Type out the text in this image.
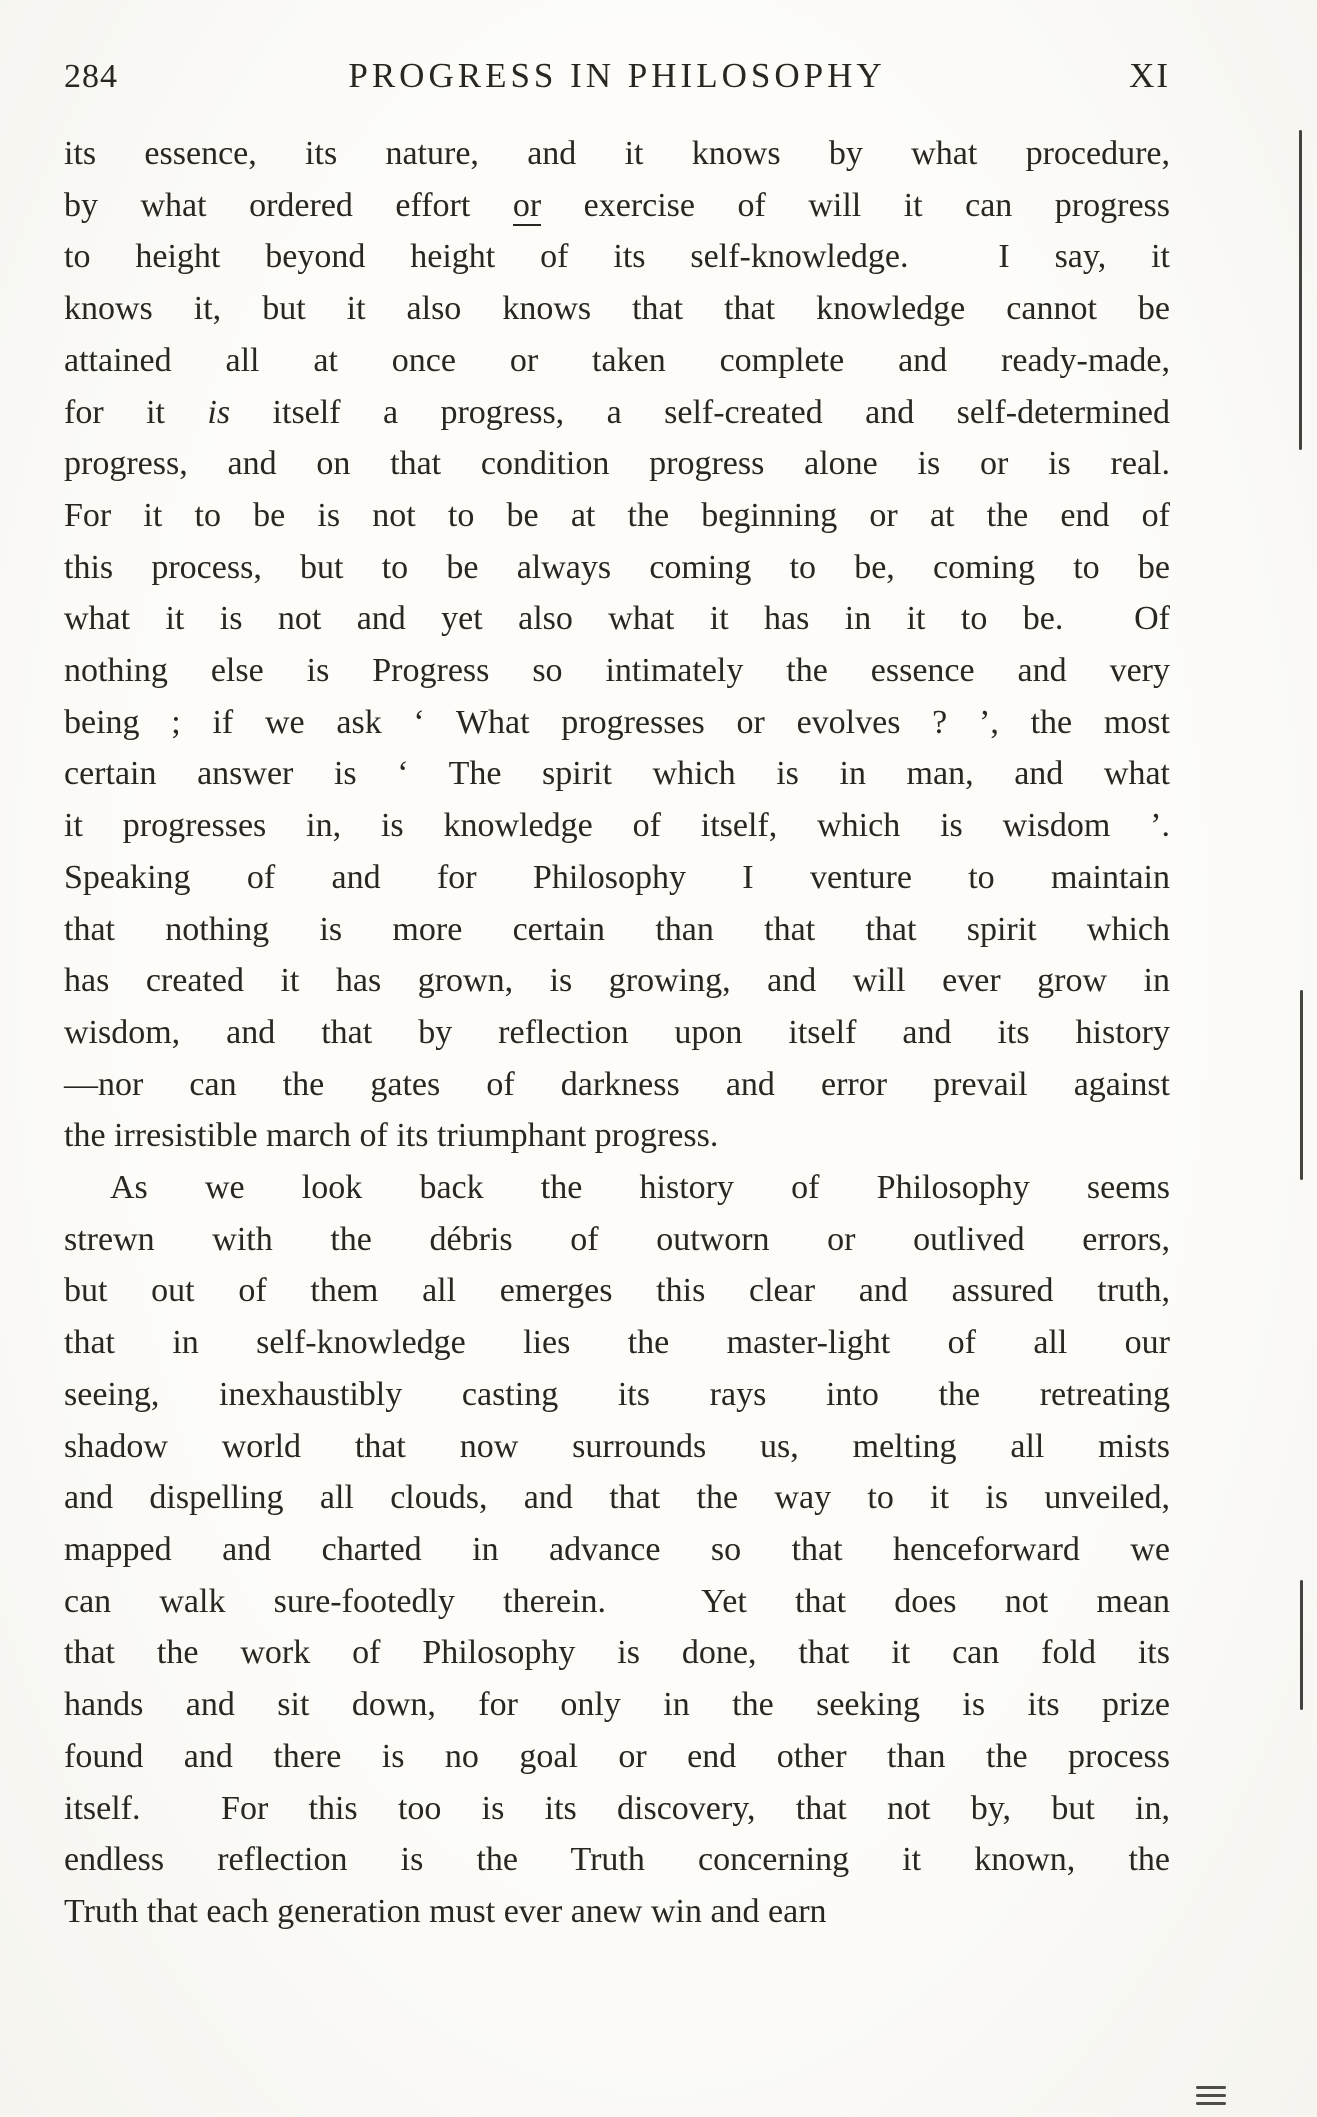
284	PROGRESS IN PHILOSOPHY	XI

its essence, its nature, and it knows by what procedure,
by what ordered effort or exercise of will it can progress
to height beyond height of its self-knowledge.  I say, it
knows it, but it also knows that that knowledge cannot be
attained all at once or taken complete and ready-made,
for it is itself a progress, a self-created and self-determined
progress, and on that condition progress alone is or is real.
For it to be is not to be at the beginning or at the end of
this process, but to be always coming to be, coming to be
what it is not and yet also what it has in it to be.  Of
nothing else is Progress so intimately the essence and very
being ; if we ask ‘ What progresses or evolves ? ’, the most
certain answer is ‘ The spirit which is in man, and what
it progresses in, is knowledge of itself, which is wisdom ’.
Speaking of and for Philosophy I venture to maintain
that nothing is more certain than that that spirit which
has created it has grown, is growing, and will ever grow in
wisdom, and that by reflection upon itself and its history
—nor can the gates of darkness and error prevail against
the irresistible march of its triumphant progress.

As we look back the history of Philosophy seems
strewn with the débris of outworn or outlived errors,
but out of them all emerges this clear and assured truth,
that in self-knowledge lies the master-light of all our
seeing, inexhaustibly casting its rays into the retreating
shadow world that now surrounds us, melting all mists
and dispelling all clouds, and that the way to it is unveiled,
mapped and charted in advance so that henceforward we
can walk sure-footedly therein.  Yet that does not mean
that the work of Philosophy is done, that it can fold its
hands and sit down, for only in the seeking is its prize
found and there is no goal or end other than the process
itself.  For this too is its discovery, that not by, but in,
endless reflection is the Truth concerning it known, the
Truth that each generation must ever anew win and earn
